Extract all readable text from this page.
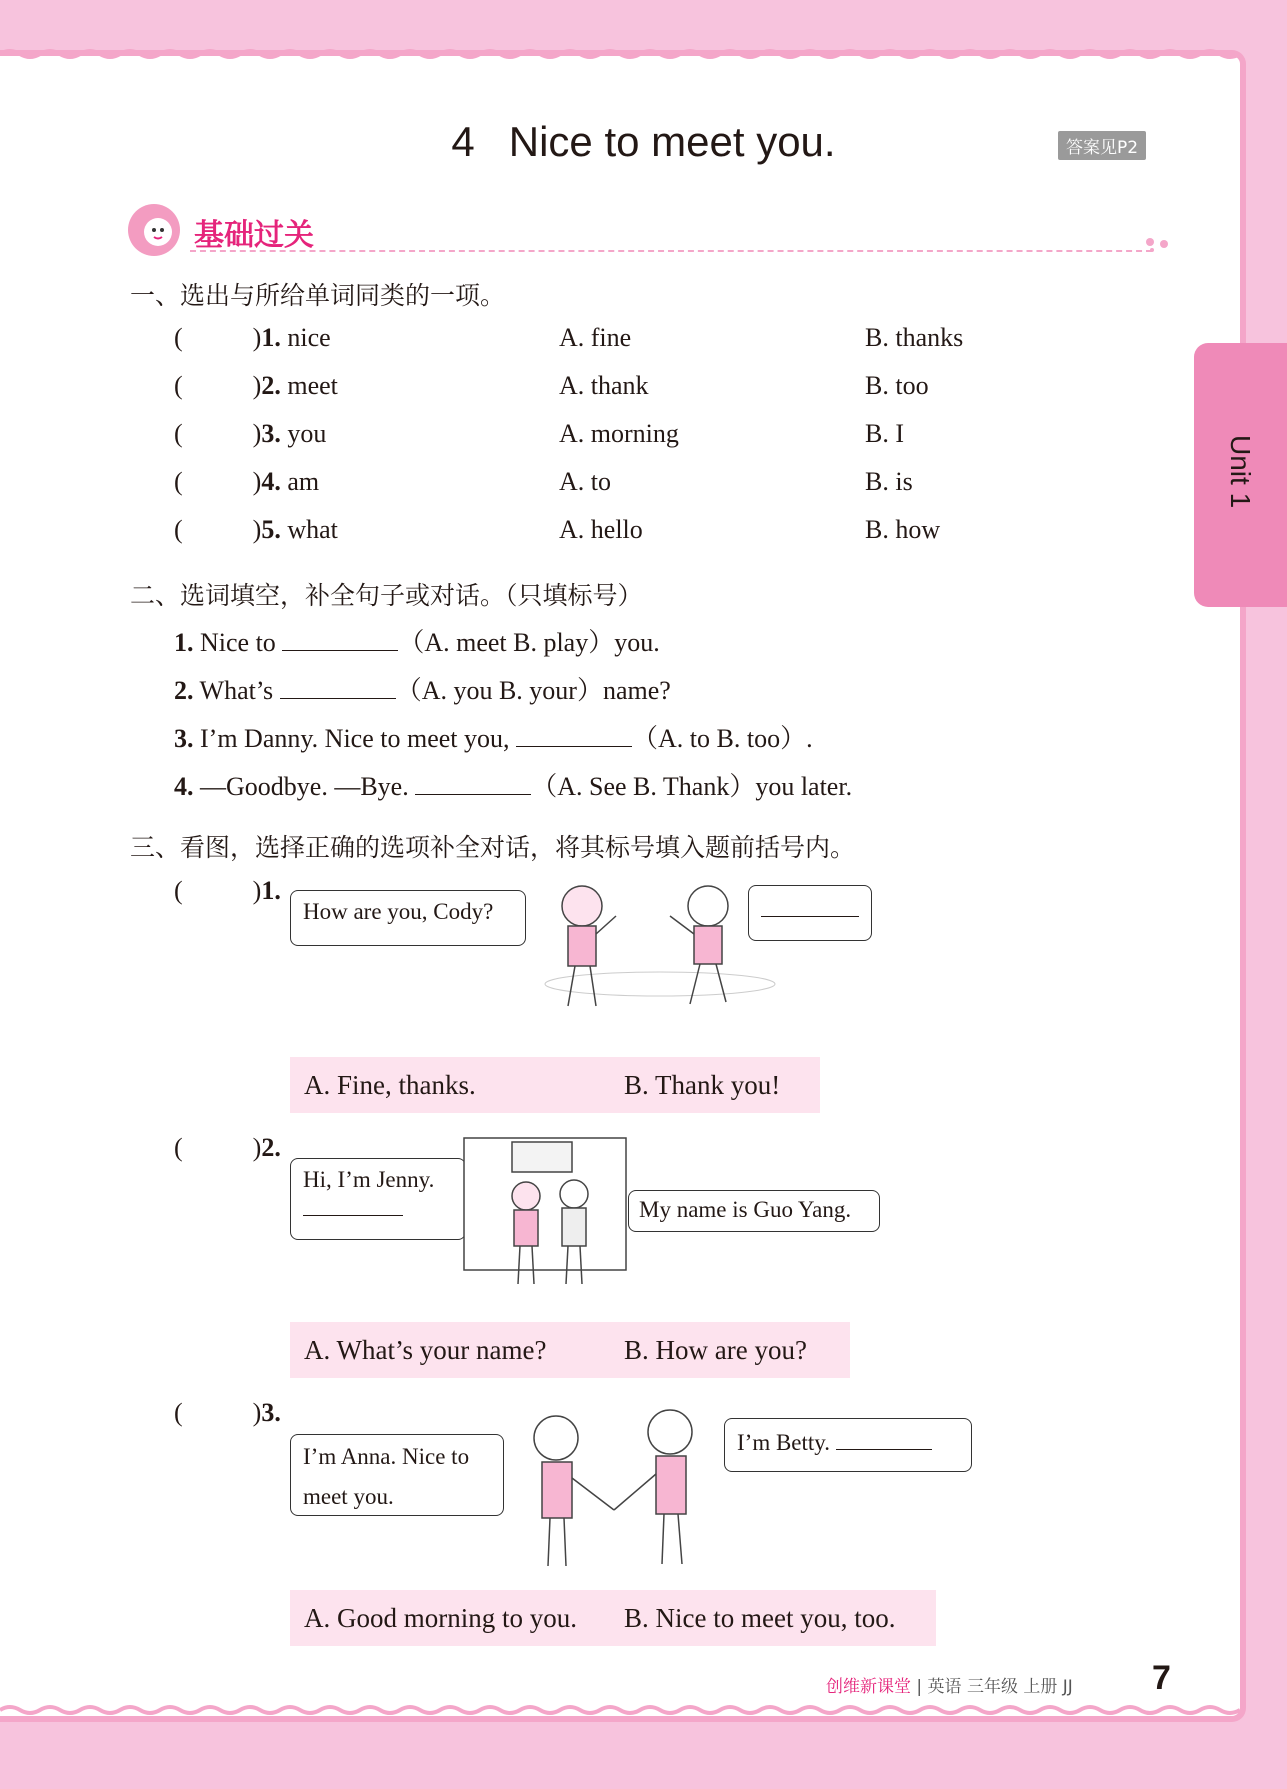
4 Nice to meet you.	答案见P2
基础过关
Unit 1
一、选出与所给单词同类的一项。
(	)1. nice	A. fine	B. thanks
(	)2. meet	A. thank	B. too
(	)3. you	A. morning	B. I
(	)4. am	A. to	B. is
(	)5. what	A. hello	B. how
二、选词填空，补全句子或对话。（只填标号）
1. Nice to	（A. meet B. play）you.
2. What’s	（A. you B. your）name?
3. I’m Danny. Nice to meet you,	（A. to B. too）.
4. —Goodbye. —Bye.	（A. See B. Thank）you later.
三、看图，选择正确的选项补全对话，将其标号填入题前括号内。
(	)1.
How are you, Cody?
A. Fine, thanks.	B. Thank you!
(	)2.
Hi, I’m Jenny.
My name is Guo Yang.
A. What’s your name?	B. How are you?
(	)3.
I’m Anna. Nice to meet you.
I’m Betty.
A. Good morning to you. B. Nice to meet you, too.
创维新课堂 | 英语 三年级 上册 JJ 7
